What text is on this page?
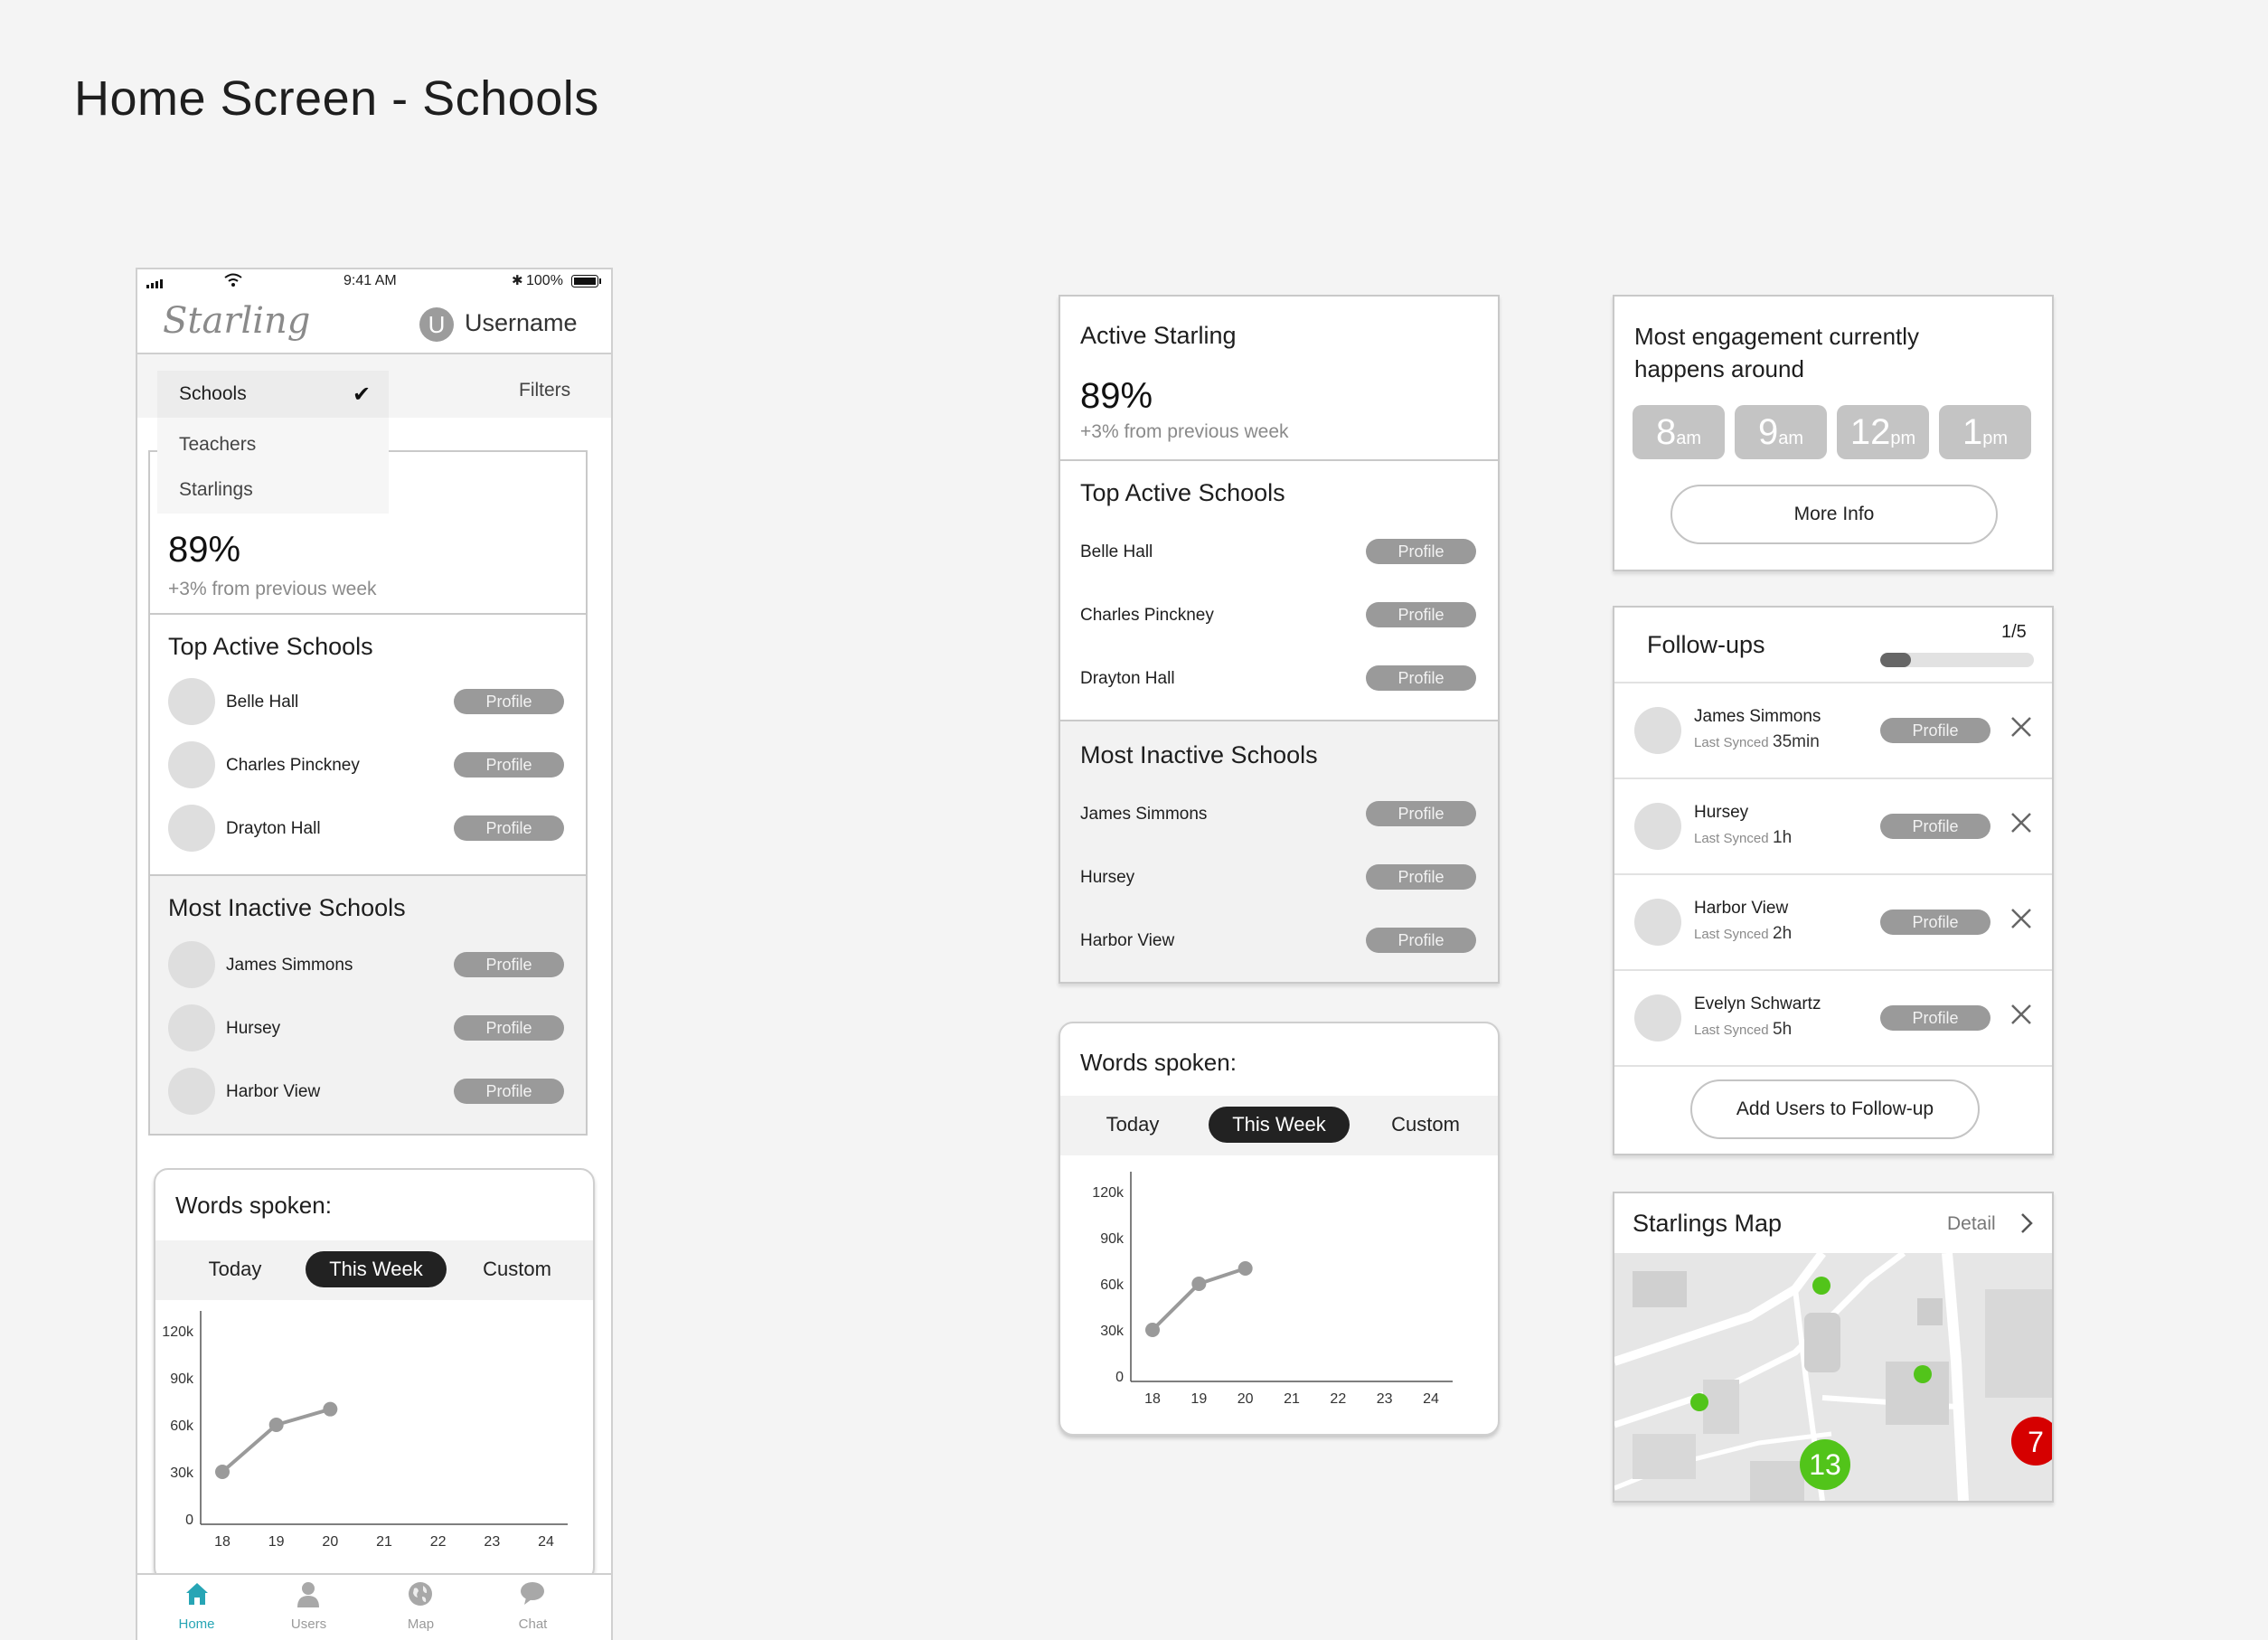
Home Screen - Schools
9:41 AM	✱ 100%
Starling	U Username
Filters
89%
+3% from previous week
Top Active Schools
Belle Hall	Profile
Charles Pinckney	Profile
Drayton Hall	Profile
Most Inactive Schools
James Simmons	Profile
Hursey	Profile
Harbor View	Profile
Schools	✔
Teachers
Starlings
Words spoken:
Today	This Week	Custom
120k
90k
60k
30k
0
18	19	20	21	22	23	24
Home	Users	Map	Chat
Active Starling
89%
+3% from previous week
Top Active Schools
Belle Hall	Profile
Charles Pinckney	Profile
Drayton Hall	Profile
Most Inactive Schools
James Simmons	Profile
Hursey	Profile
Harbor View	Profile
Words spoken:
Today	This Week	Custom
120k
90k
60k
30k
0
18 19 20 21 22 23 24
Most engagement currently
happens around
8am	9am	12pm	1pm
More Info
Follow-ups	1/5
James Simmons
Last Synced 35min
Profile
Hursey
Last Synced 1h
Profile
Harbor View
Last Synced 2h
Profile
Evelyn Schwartz
Last Synced 5h
Profile
Add Users to Follow-up
Starlings Map	Detail
13
7
